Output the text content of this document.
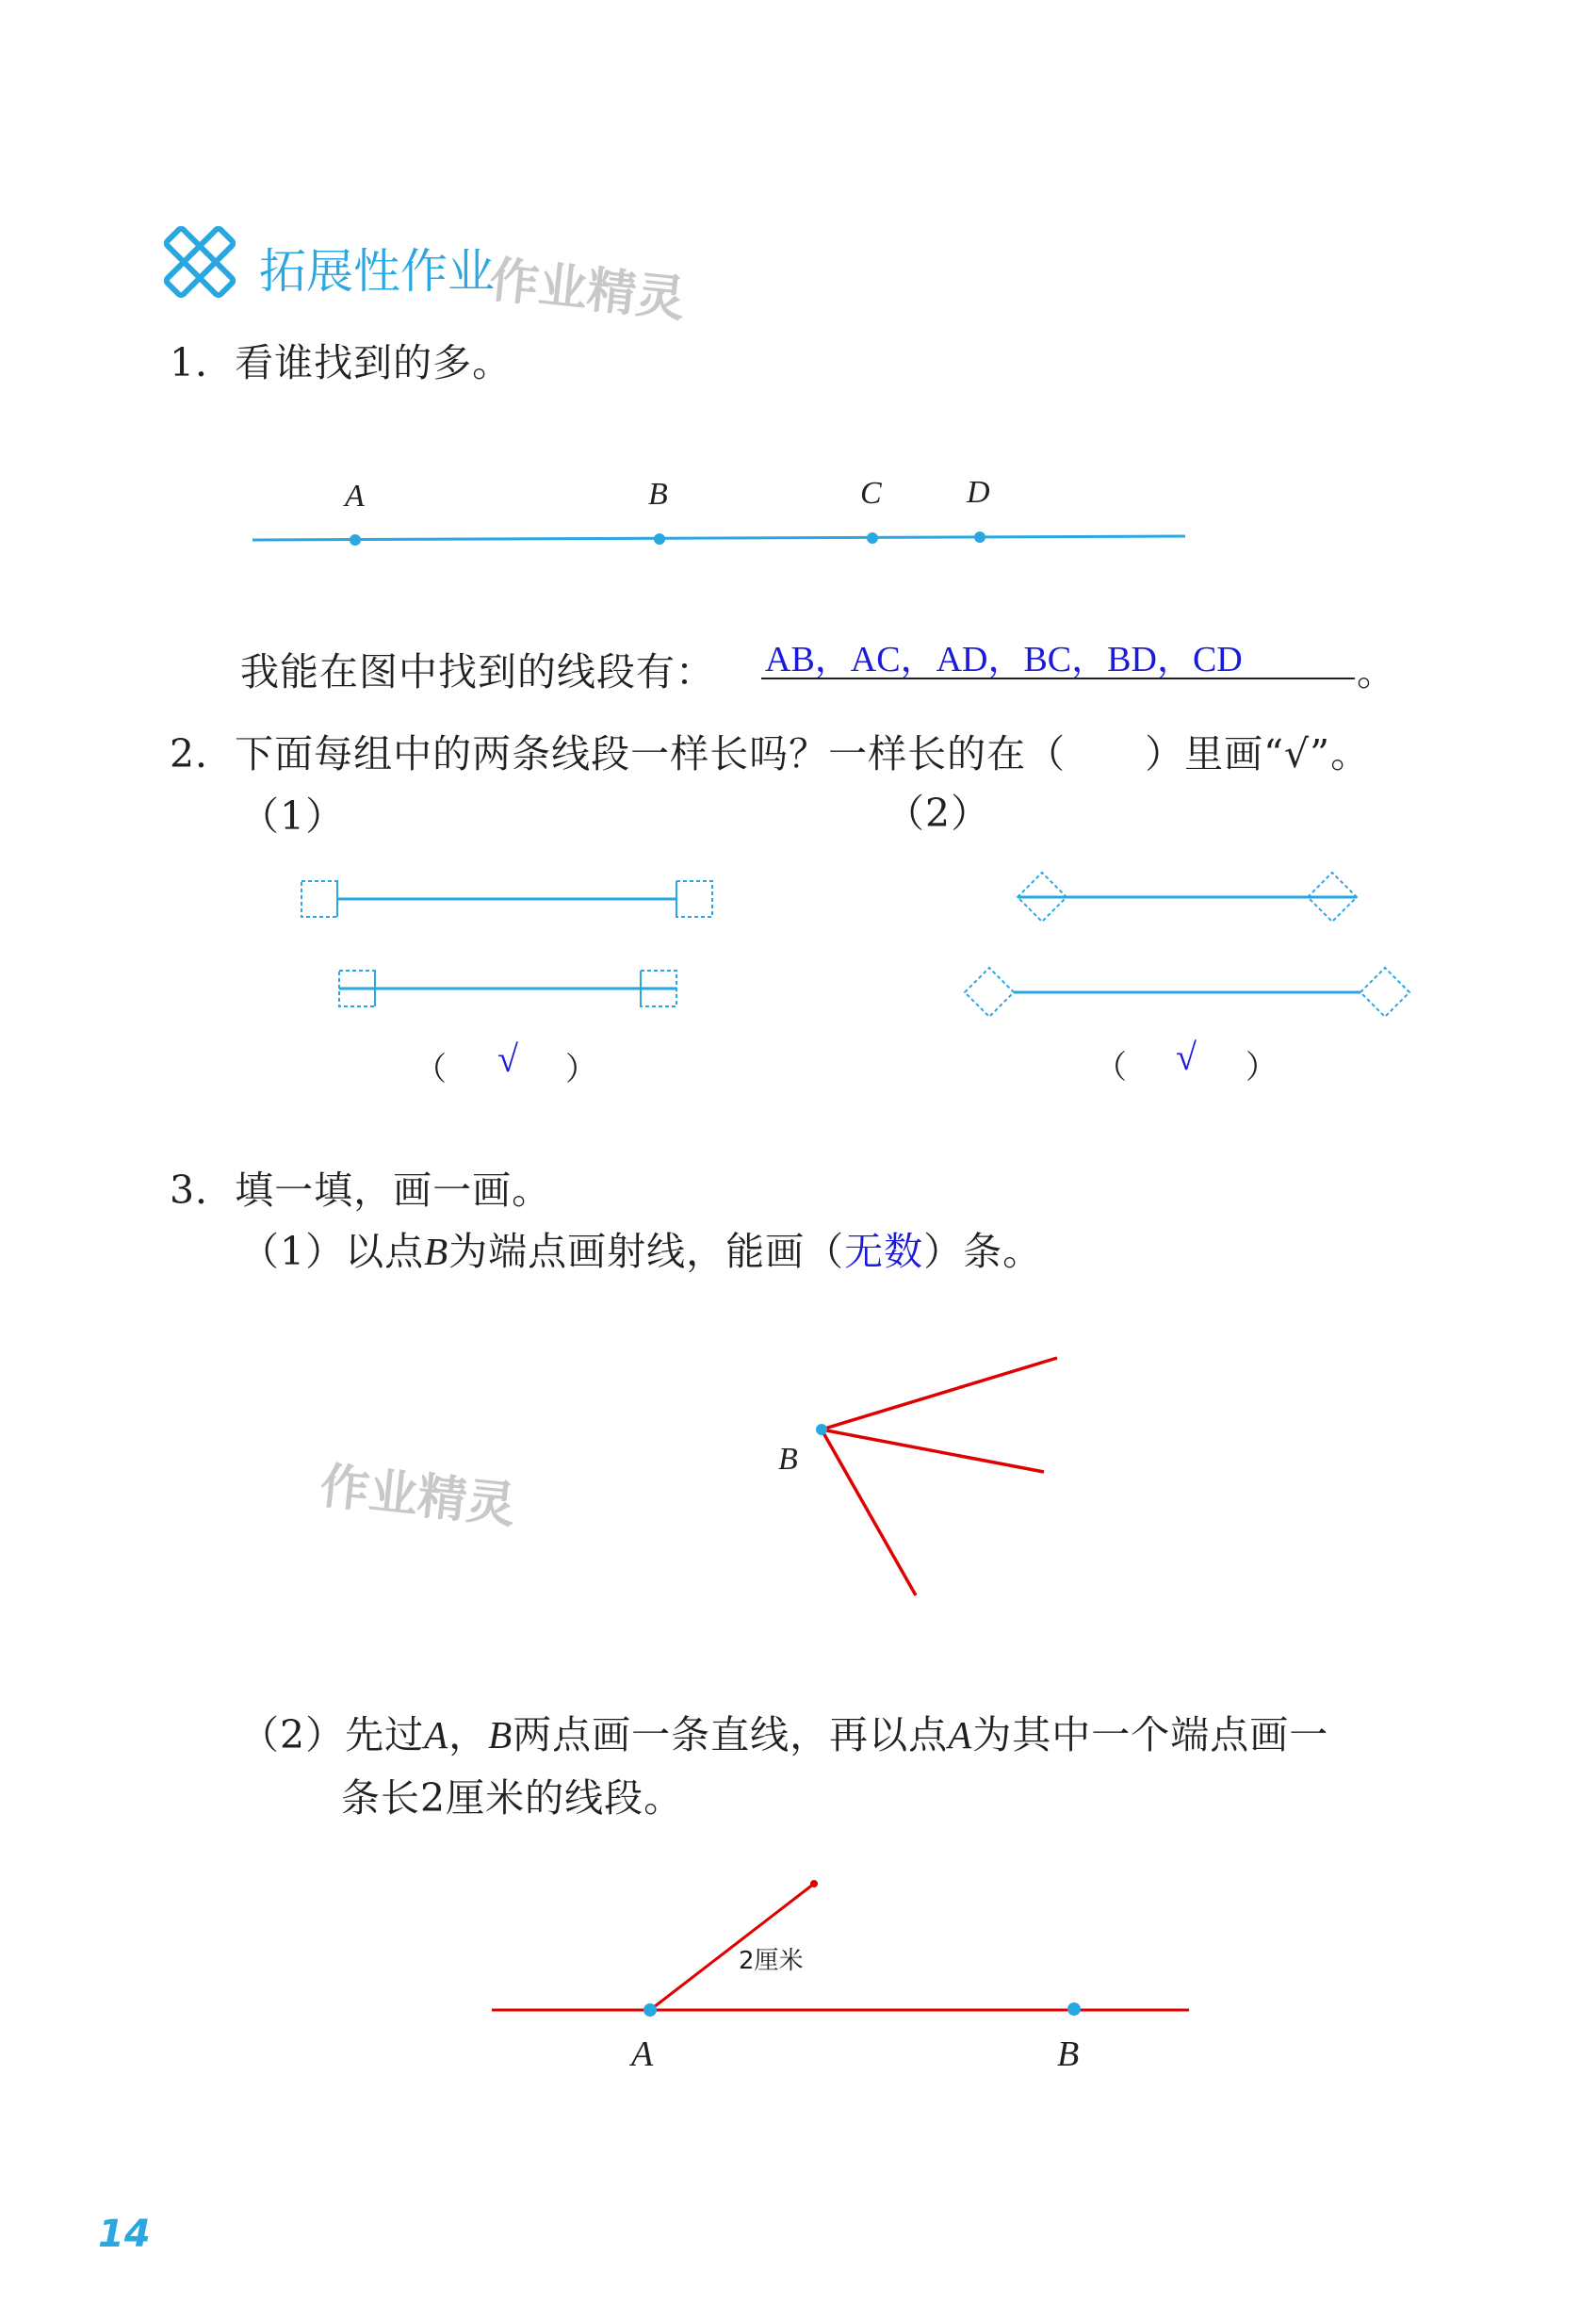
拓展性作业
作业精灵
1．看谁找到的多。
A	B	C	D
我能在图中找到的线段有： AB，AC，AD，BC，BD，CD	。
2．下面每组中的两条线段一样长吗？一样长的在（　　）里画“√”。
（1）	（2）
（ √ ）	（ √ ）
3．填一填，画一画。
（1）以点B为端点画射线，能画（无数）条。
B
作业精灵
（2）先过A，B两点画一条直线，再以点A为其中一个端点画一
条长2厘米的线段。
2厘米
A	B
14
